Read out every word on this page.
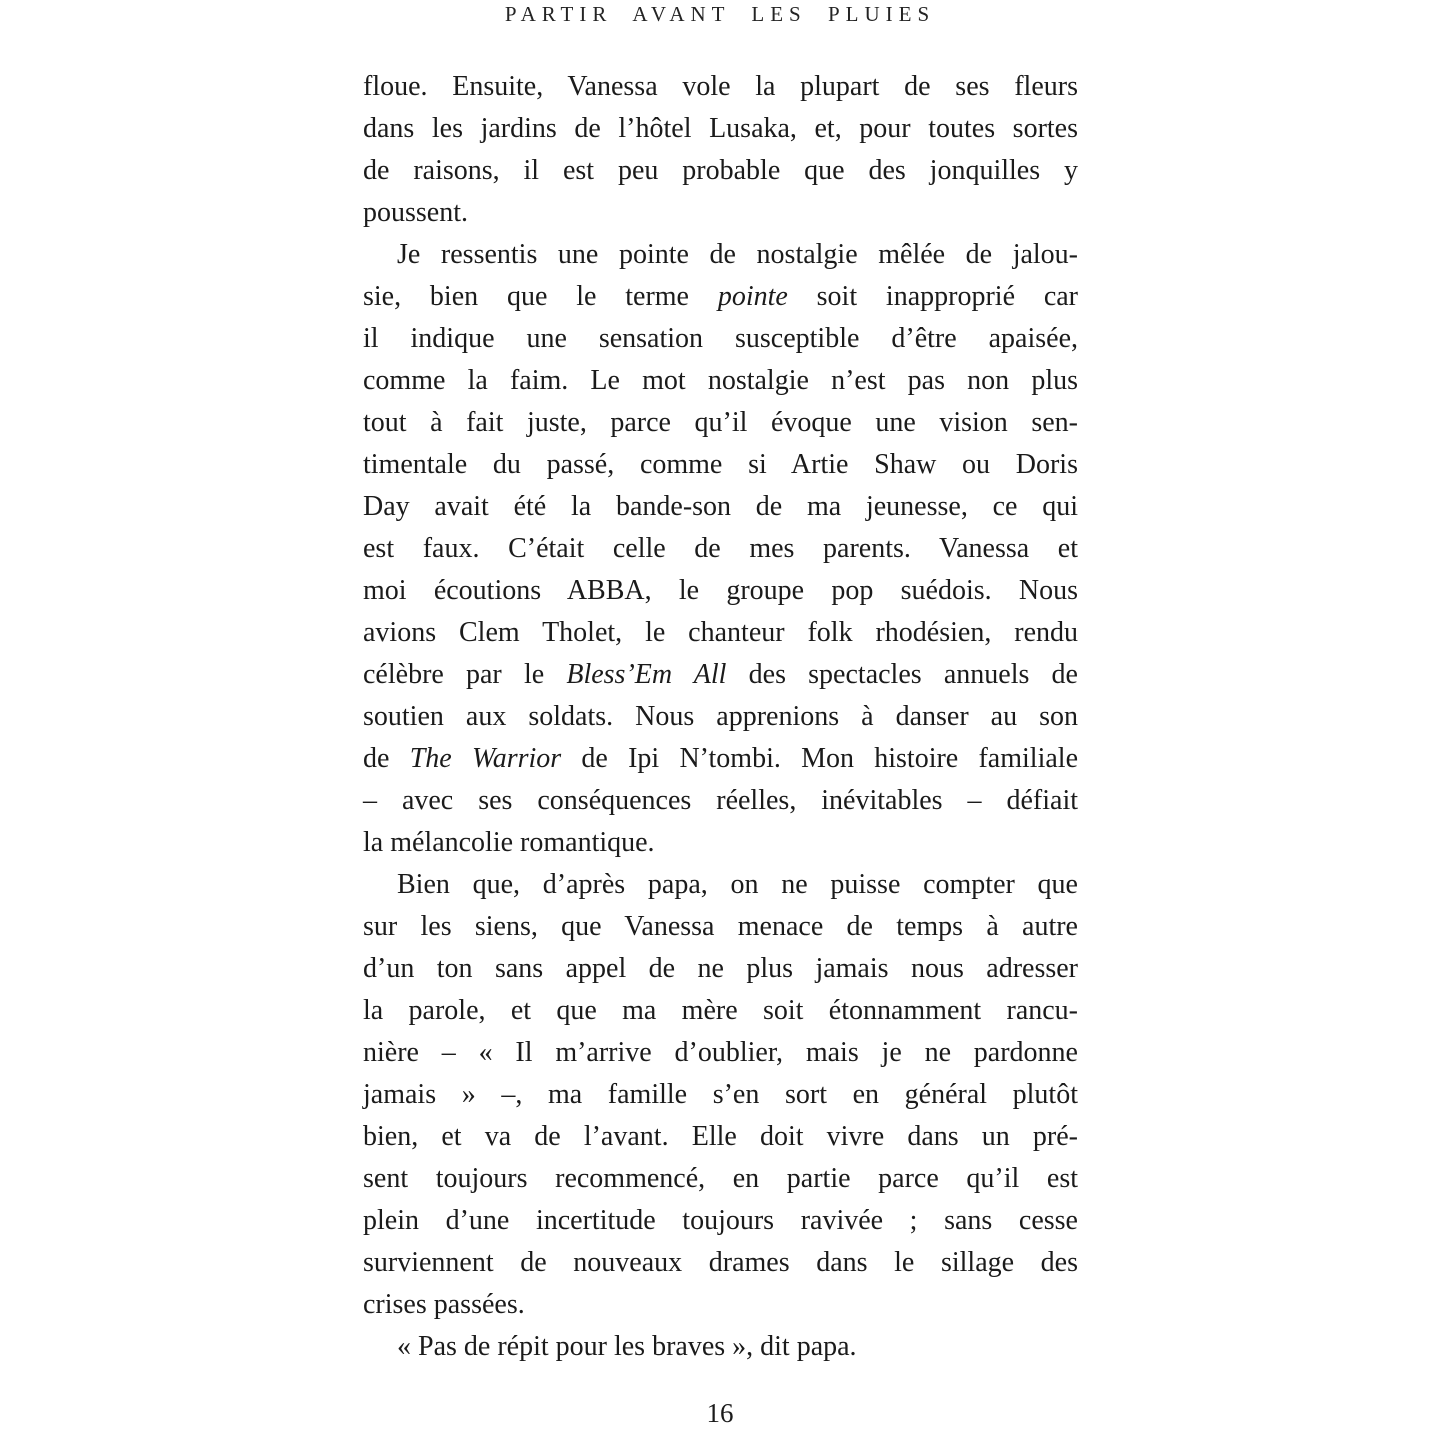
PARTIR AVANT LES PLUIES
floue. Ensuite, Vanessa vole la plupart de ses fleurs
dans les jardins de l’hôtel Lusaka, et, pour toutes sortes
de raisons, il est peu probable que des jonquilles y
poussent.
Je ressentis une pointe de nostalgie mêlée de jalou-
sie, bien que le terme pointe soit inapproprié car
il indique une sensation susceptible d’être apaisée,
comme la faim. Le mot nostalgie n’est pas non plus
tout à fait juste, parce qu’il évoque une vision sen-
timentale du passé, comme si Artie Shaw ou Doris
Day avait été la bande-son de ma jeunesse, ce qui
est faux. C’était celle de mes parents. Vanessa et
moi écoutions ABBA, le groupe pop suédois. Nous
avions Clem Tholet, le chanteur folk rhodésien, rendu
célèbre par le Bless’Em All des spectacles annuels de
soutien aux soldats. Nous apprenions à danser au son
de The Warrior de Ipi N’tombi. Mon histoire familiale
– avec ses conséquences réelles, inévitables – défiait
la mélancolie romantique.
Bien que, d’après papa, on ne puisse compter que
sur les siens, que Vanessa menace de temps à autre
d’un ton sans appel de ne plus jamais nous adresser
la parole, et que ma mère soit étonnamment rancu-
nière – « Il m’arrive d’oublier, mais je ne pardonne
jamais » –, ma famille s’en sort en général plutôt
bien, et va de l’avant. Elle doit vivre dans un pré-
sent toujours recommencé, en partie parce qu’il est
plein d’une incertitude toujours ravivée ; sans cesse
surviennent de nouveaux drames dans le sillage des
crises passées.
« Pas de répit pour les braves », dit papa.
16
